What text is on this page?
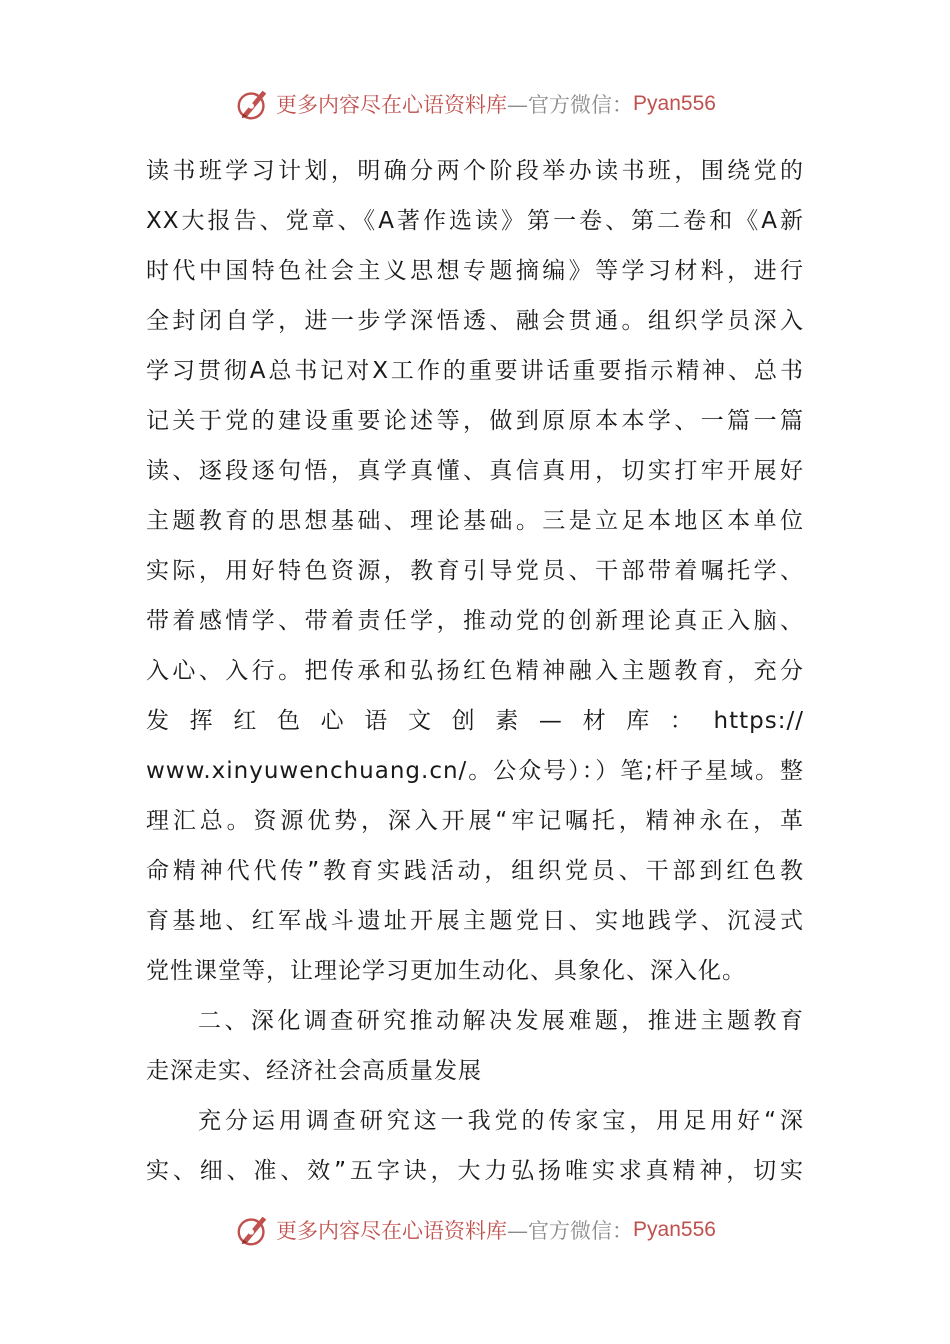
更多内容尽在心语资料库 —官方微信： Pyan556
读书班学习计划，明确分两个阶段举办读书班，围绕党的
XX大报告、党章、《A著作选读》第一卷、第二卷和《A新
时代中国特色社会主义思想专题摘编》等学习材料，进行
全封闭自学，进一步学深悟透、融会贯通。组织学员深入
学习贯彻A总书记对X工作的重要讲话重要指示精神、总书
记关于党的建设重要论述等，做到原原本本学、一篇一篇
读、逐段逐句悟，真学真懂、真信真用，切实打牢开展好
主题教育的思想基础、理论基础。三是立足本地区本单位
实际，用好特色资源，教育引导党员、干部带着嘱托学、
带着感情学、带着责任学，推动党的创新理论真正入脑、
入心、入行。把传承和弘扬红色精神融入主题教育，充分
发挥红色心语文创素—材库：https://
www.xinyuwenchuang.cn/。公众号）：）笔;杆子星域。整
理汇总。资源优势，深入开展“牢记嘱托，精神永在，革
命精神代代传”教育实践活动，组织党员、干部到红色教
育基地、红军战斗遗址开展主题党日、实地践学、沉浸式
党性课堂等，让理论学习更加生动化、具象化、深入化。
二、深化调查研究推动解决发展难题，推进主题教育
走深走实、经济社会高质量发展
充分运用调查研究这一我党的传家宝，用足用好“深
实、细、准、效”五字诀，大力弘扬唯实求真精神，切实
更多内容尽在心语资料库 —官方微信： Pyan556
